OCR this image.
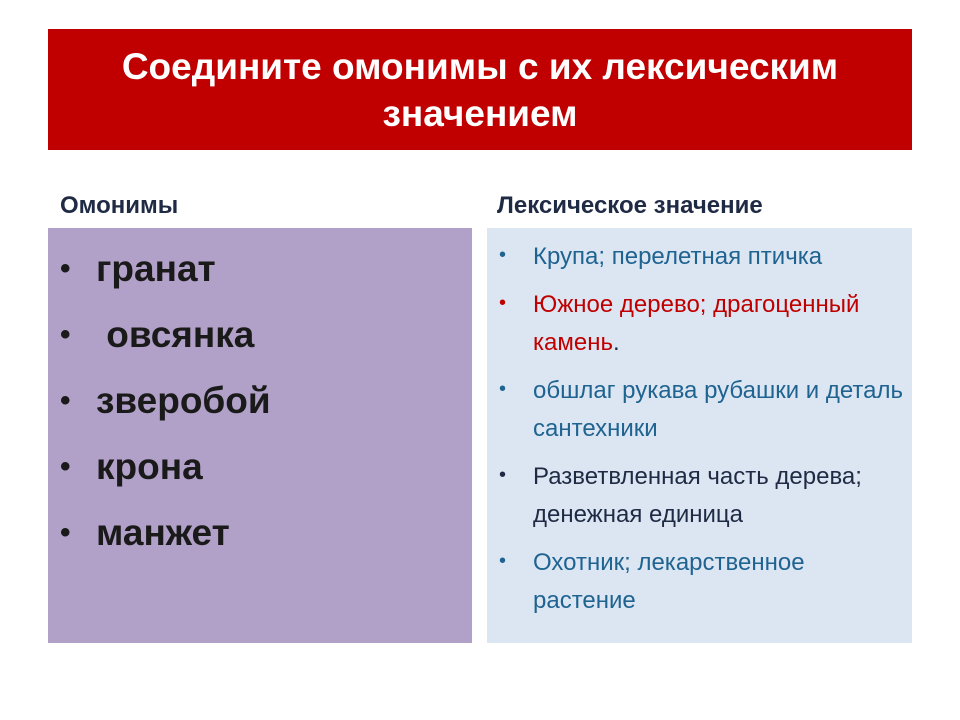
Соедините омонимы с их лексическим значением

Омонимы	Лексическое значение

• гранат
• овсянка
• зверобой
• крона
• манжет
• Крупа; перелетная птичка
• Южное дерево; драгоценный камень.
• обшлаг рукава рубашки и деталь сантехники
• Разветвленная часть дерева; денежная единица
• Охотник; лекарственное растение
